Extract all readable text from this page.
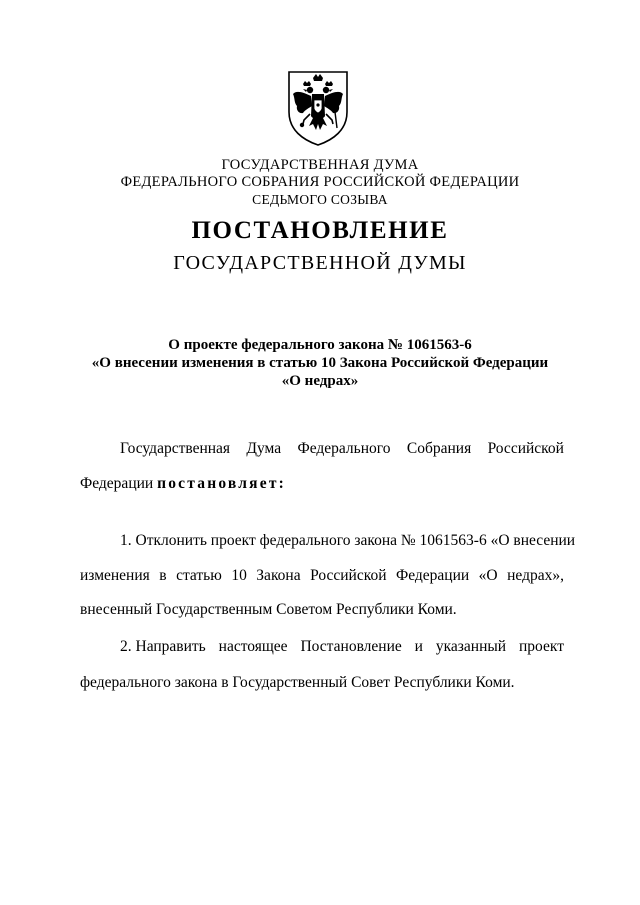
ГОСУДАРСТВЕННАЯ ДУМА
ФЕДЕРАЛЬНОГО СОБРАНИЯ РОССИЙСКОЙ ФЕДЕРАЦИИ
СЕДЬМОГО СОЗЫВА
ПОСТАНОВЛЕНИЕ
ГОСУДАРСТВЕННОЙ ДУМЫ
О проекте федерального закона № 1061563-6
«О внесении изменения в статью 10 Закона Российской Федерации
«О недрах»
Государственная Дума Федерального Собрания Российской
Федерации постановляет:
1. Отклонить проект федерального закона № 1061563-6 «О внесении
изменения в статью 10 Закона Российской Федерации «О недрах»,
внесенный Государственным Советом Республики Коми.
2. Направить настоящее Постановление и указанный проект
федерального закона в Государственный Совет Республики Коми.
